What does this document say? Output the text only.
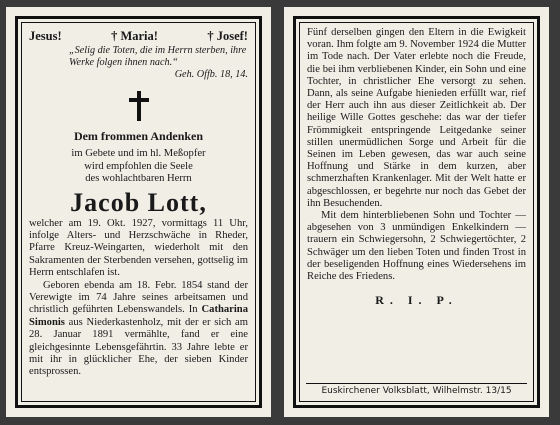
Jesus!	† Maria!	† Josef!
„Selig die Toten, die im Herrn sterben, ihre Werke folgen ihnen nach.“
Geh. Offb. 18, 14.
Dem frommen Andenken
im Gebete und im hl. Meßopfer
wird empfohlen die Seele
des wohlachtbaren Herrn
Jacob Lott,

welcher am 19. Okt. 1927, vormittags 11 Uhr, infolge Alters- und Herzschwäche in Rheder, Pfarre Kreuz-Weingarten, wiederholt mit den Sakramenten der Sterbenden versehen, gottselig im Herrn entschlafen ist.

Geboren ebenda am 18. Febr. 1854 stand der Verewigte im 74 Jahre seines arbeitsamen und christlich geführten Lebenswandels. In Catharina Simonis aus Niederkastenholz, mit der er sich am 28. Januar 1891 vermählte, fand er eine gleichgesinnte Lebensgefährtin. 33 Jahre lebte er mit ihr in glücklicher Ehe, der sieben Kinder entsprossen.

Fünf derselben gingen den Eltern in die Ewigkeit voran. Ihm folgte am 9. November 1924 die Mutter im Tode nach. Der Vater erlebte noch die Freude, die bei ihm verbliebenen Kinder, ein Sohn und eine Tochter, in christlicher Ehe versorgt zu sehen. Dann, als seine Aufgabe hienieden erfüllt war, rief der Herr auch ihn aus dieser Zeitlichkeit ab. Der heilige Wille Gottes geschehe: das war der tiefer Frömmigkeit entspringende Leitgedanke seiner stillen unermüdlichen Sorge und Arbeit für die Seinen im Leben gewesen, das war auch seine Hoffnung und Stärke in dem kurzen, aber schmerzhaften Krankenlager. Mit der Welt hatte er abgeschlossen, er begehrte nur noch das Gebet der ihn Besuchenden.

Mit dem hinterbliebenen Sohn und Tochter — abgesehen von 3 unmündigen Enkelkindern — trauern ein Schwiegersohn, 2 Schwiegertöchter, 2 Schwäger um den lieben Toten und finden Trost in der beseligenden Hoffnung eines Wiedersehens im Reiche des Friedens.

R. I. P.
Euskirchener Volksblatt, Wilhelmstr. 13/15
